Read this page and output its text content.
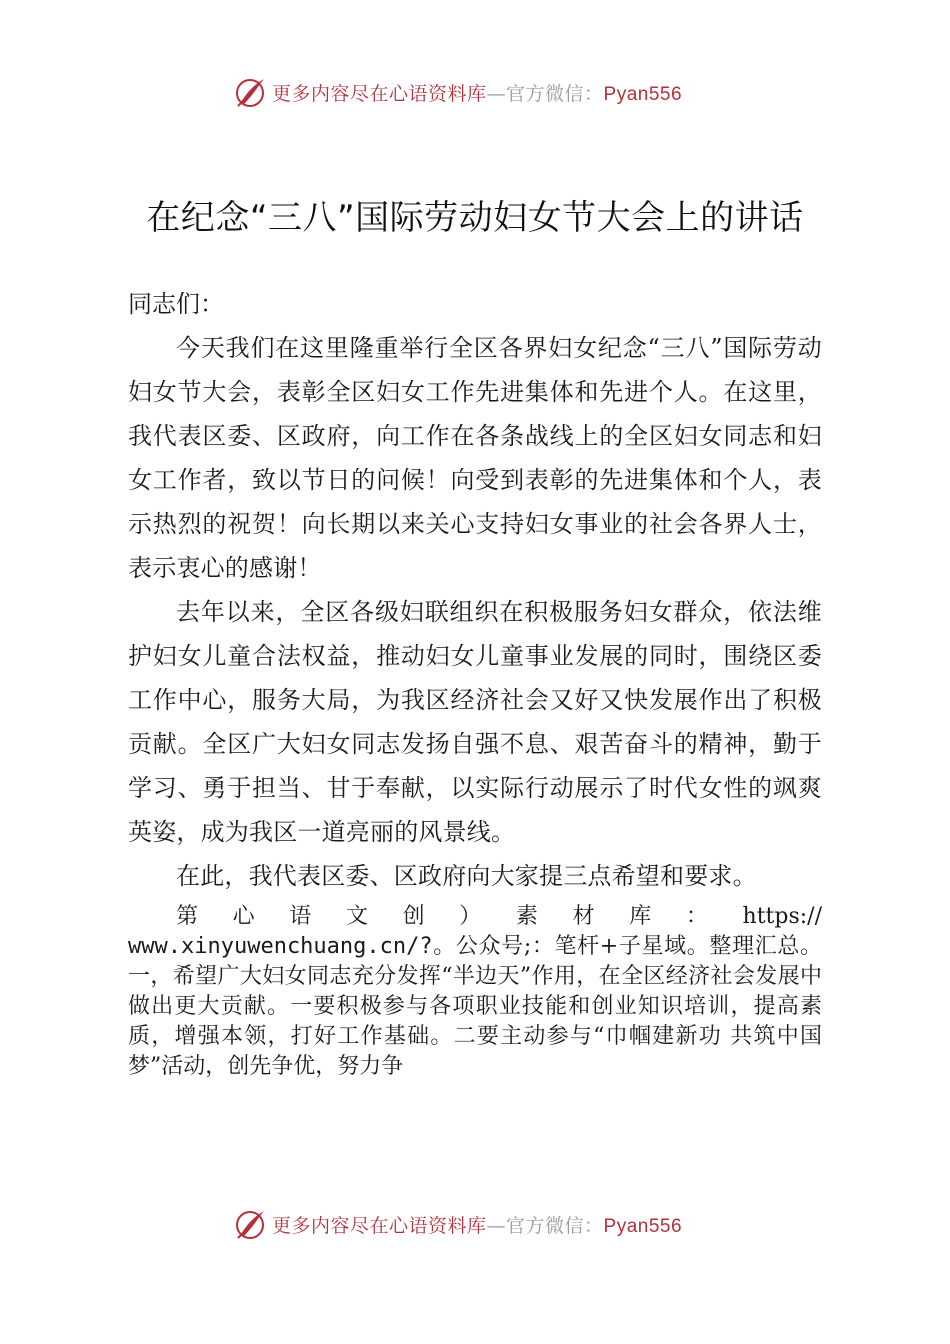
更多内容尽在心语资料库—官方微信：Pyan556
在纪念“三八”国际劳动妇女节大会上的讲话

同志们：

今天我们在这里隆重举行全区各界妇女纪念“三八”国际劳动妇女节大会，表彰全区妇女工作先进集体和先进个人。在这里，我代表区委、区政府，向工作在各条战线上的全区妇女同志和妇女工作者，致以节日的问候！向受到表彰的先进集体和个人，表示热烈的祝贺！向长期以来关心支持妇女事业的社会各界人士，表示衷心的感谢！

去年以来，全区各级妇联组织在积极服务妇女群众，依法维护妇女儿童合法权益，推动妇女儿童事业发展的同时，围绕区委工作中心，服务大局，为我区经济社会又好又快发展作出了积极贡献。全区广大妇女同志发扬自强不息、艰苦奋斗的精神，勤于学习、勇于担当、甘于奉献，以实际行动展示了时代女性的飒爽英姿，成为我区一道亮丽的风景线。

在此，我代表区委、区政府向大家提三点希望和要求。

第心语文创）素材库：https://
www.xinyuwenchuang.cn/?。公众号;：笔杆+子星域。整理汇总。一，希望广大妇女同志充分发挥“半边天”作用，在全区经济社会发展中做出更大贡献。一要积极参与各项职业技能和创业知识培训，提高素质，增强本领，打好工作基础。二要主动参与“巾帼建新功 共筑中国梦”活动，创先争优，努力争

更多内容尽在心语资料库—官方微信：Pyan556
